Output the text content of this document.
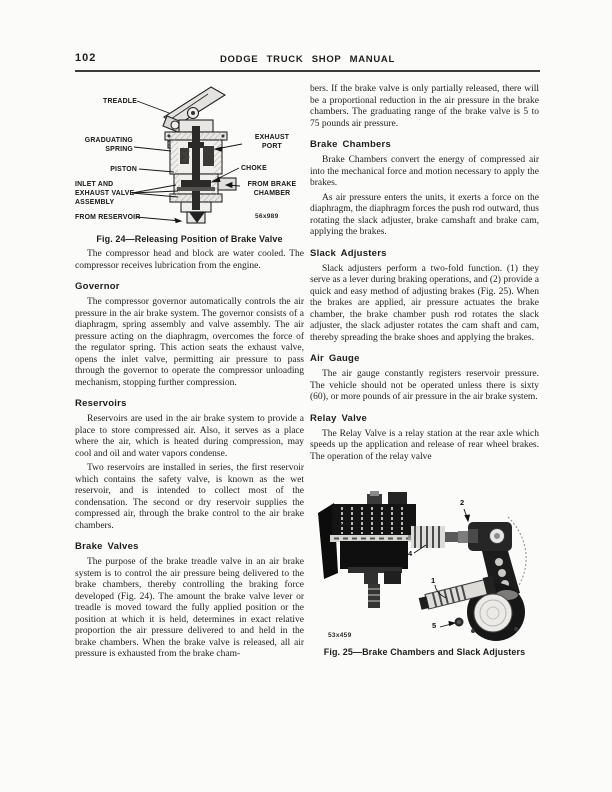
102	DODGE TRUCK SHOP MANUAL
TREADLE
GRADUATING
SPRING
PISTON
INLET AND
EXHAUST VALVE
ASSEMBLY
FROM RESERVOIR
EXHAUST
PORT
CHOKE
FROM BRAKE
CHAMBER
56x989
Fig. 24—Releasing Position of Brake Valve

The compressor head and block are water cooled. The compressor receives lubrication from the engine.

Governor

The compressor governor automatically controls the air pressure in the air brake system. The governor consists of a diaphragm, spring assembly and valve assembly. The air pressure acting on the diaphragm, overcomes the force of the regulator spring. This action seats the exhaust valve, opens the inlet valve, permitting air pressure to pass through the governor to operate the compressor unloading mechanism, stopping further compression.

Reservoirs

Reservoirs are used in the air brake system to provide a place to store compressed air. Also, it serves as a place where the air, which is heated during compression, may cool and oil and water vapors condense.

Two reservoirs are installed in series, the first reservoir which contains the safety valve, is known as the wet reservoir, and is intended to collect most of the condensation. The second or dry reservoir supplies the compressed air, through the brake control to the air brake chambers.

Brake Valves

The purpose of the brake treadle valve in an air brake system is to control the air pressure being delivered to the brake chambers, thereby controlling the braking force developed (Fig. 24). The amount the brake valve lever or treadle is moved toward the fully applied position or the position at which it is held, determines in exact relative proportion the air pressure delivered to and held in the brake chambers. When the brake valve is released, all air pressure is exhausted from the brake cham-

bers. If the brake valve is only partially released, there will be a proportional reduction in the air pressure in the brake chambers. The graduating range of the brake valve is 5 to 75 pounds air pressure.

Brake Chambers

Brake Chambers convert the energy of compressed air into the mechanical force and motion necessary to apply the brakes.

As air pressure enters the units, it exerts a force on the diaphragm, the diaphragm forces the push rod outward, thus rotating the slack adjuster, brake camshaft and brake cam, applying the brakes.

Slack Adjusters

Slack adjusters perform a two-fold function. (1) they serve as a lever during braking operations, and (2) provide a quick and easy method of adjusting brakes (Fig. 25). When the brakes are applied, air pressure actuates the brake chamber, the brake chamber push rod rotates the slack adjuster, the slack adjuster rotates the cam shaft and cam, thereby spreading the brake shoes and applying the brakes.

Air Gauge

The air gauge constantly registers reservoir pressure. The vehicle should not be operated unless there is sixty (60), or more pounds of air pressure in the air brake system.

Relay Valve

The Relay Valve is a relay station at the rear axle which speeds up the application and release of rear wheel brakes. The operation of the relay valve

1
2
3
4
5
53x459
Fig. 25—Brake Chambers and Slack Adjusters
